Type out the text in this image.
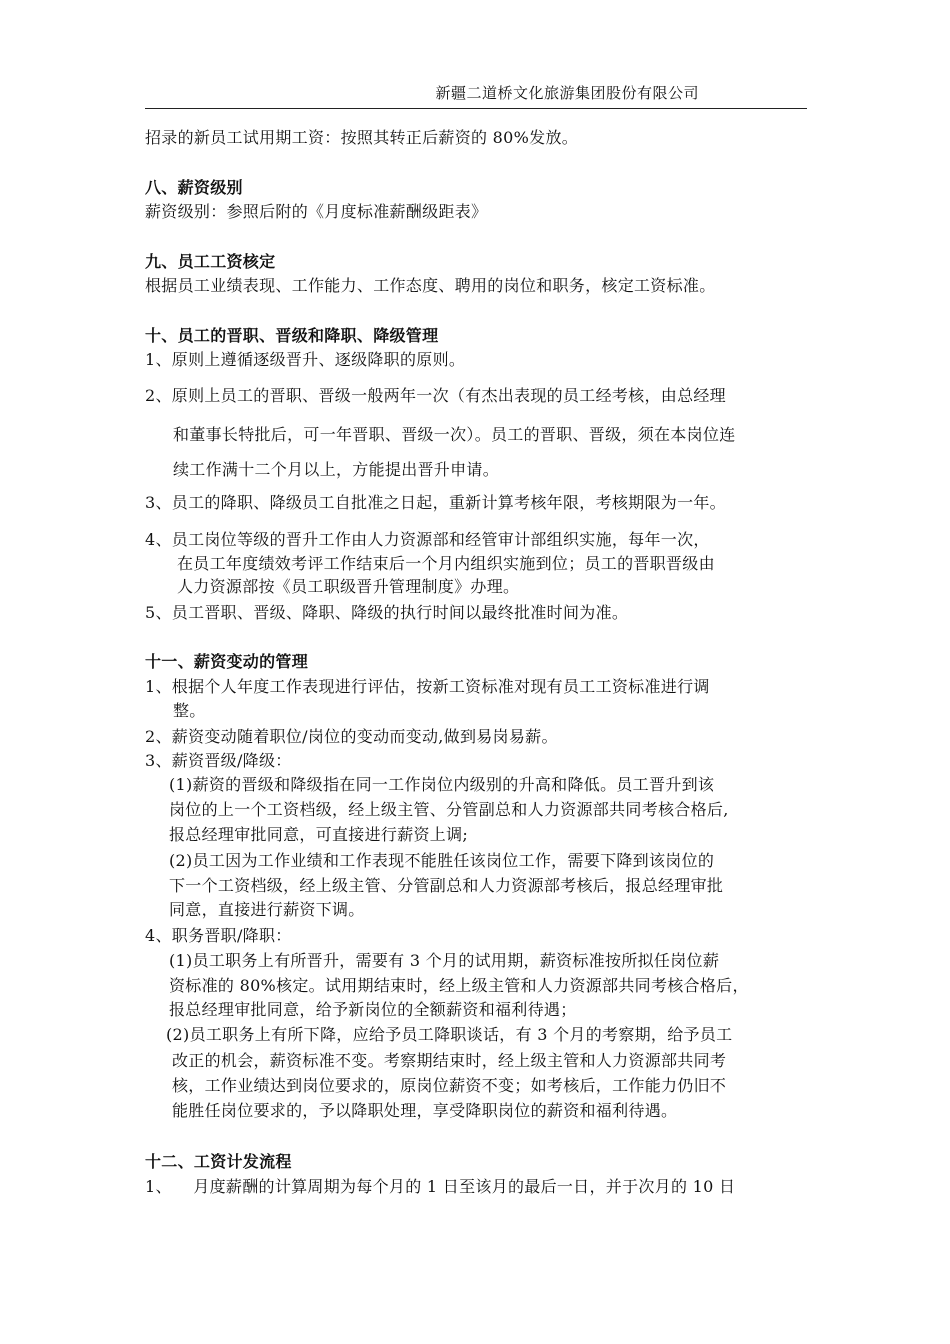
新疆二道桥文化旅游集团股份有限公司
招录的新员工试用期工资：按照其转正后薪资的 80%发放。
八、薪资级别
薪资级别：参照后附的《月度标准薪酬级距表》
九、员工工资核定
根据员工业绩表现、工作能力、工作态度、聘用的岗位和职务，核定工资标准。
十、员工的晋职、晋级和降职、降级管理
1、原则上遵循逐级晋升、逐级降职的原则。
2、原则上员工的晋职、晋级一般两年一次（有杰出表现的员工经考核，由总经理
和董事长特批后，可一年晋职、晋级一次）。员工的晋职、晋级，须在本岗位连
续工作满十二个月以上，方能提出晋升申请。
3、员工的降职、降级员工自批准之日起，重新计算考核年限，考核期限为一年。
4、员工岗位等级的晋升工作由人力资源部和经管审计部组织实施，每年一次，
在员工年度绩效考评工作结束后一个月内组织实施到位；员工的晋职晋级由
人力资源部按《员工职级晋升管理制度》办理。
5、员工晋职、晋级、降职、降级的执行时间以最终批准时间为准。
十一、薪资变动的管理
1、根据个人年度工作表现进行评估，按新工资标准对现有员工工资标准进行调
整。
2、薪资变动随着职位/岗位的变动而变动,做到易岗易薪。
3、薪资晋级/降级：
(1)薪资的晋级和降级指在同一工作岗位内级别的升高和降低。员工晋升到该
岗位的上一个工资档级，经上级主管、分管副总和人力资源部共同考核合格后,
报总经理审批同意，可直接进行薪资上调;
(2)员工因为工作业绩和工作表现不能胜任该岗位工作，需要下降到该岗位的
下一个工资档级，经上级主管、分管副总和人力资源部考核后，报总经理审批
同意，直接进行薪资下调。
4、职务晋职/降职：
(1)员工职务上有所晋升，需要有 3 个月的试用期，薪资标准按所拟任岗位薪
资标准的 80%核定。试用期结束时，经上级主管和人力资源部共同考核合格后，
报总经理审批同意，给予新岗位的全额薪资和福利待遇；
(2)员工职务上有所下降，应给予员工降职谈话，有 3 个月的考察期，给予员工
改正的机会，薪资标准不变。考察期结束时，经上级主管和人力资源部共同考
核，工作业绩达到岗位要求的，原岗位薪资不变；如考核后，工作能力仍旧不
能胜任岗位要求的，予以降职处理，享受降职岗位的薪资和福利待遇。
十二、工资计发流程
1、    月度薪酬的计算周期为每个月的 1 日至该月的最后一日，并于次月的 10 日
